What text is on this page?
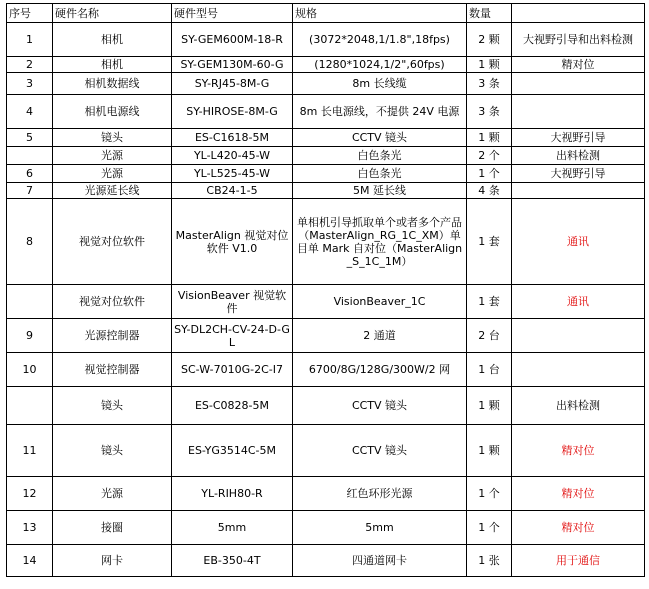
序号	硬件名称	硬件型号	规格	数量	
1	相机	SY-GEM600M-18-R	(3072*2048,1/1.8",18fps)	2 颗	大视野引导和出料检测
2	相机	SY-GEM130M-60-G	(1280*1024,1/2",60fps)	1 颗	精对位
3	相机数据线	SY-RJ45-8M-G	8m 长线缆	3 条	
4	相机电源线	SY-HIROSE-8M-G	8m 长电源线，不提供 24V 电源	3 条	
5	镜头	ES-C1618-5M	CCTV 镜头	1 颗	大视野引导
	光源	YL-L420-45-W	白色条光	2 个	出料检测
6	光源	YL-L525-45-W	白色条光	1 个	大视野引导
7	光源延长线	CB24-1-5	5M 延长线	4 条	
8	视觉对位软件	MasterAlign 视觉对位软件 V1.0	单相机引导抓取单个或者多个产品（MasterAlign_RG_1C_XM）单目单 Mark 自对位（MasterAlign_S_1C_1M）	1 套	通讯
	视觉对位软件	VisionBeaver 视觉软件	VisionBeaver_1C	1 套	通讯
9	光源控制器	SY-DL2CH-CV-24-D-GL	2 通道	2 台	
10	视觉控制器	SC-W-7010G-2C-I7	6700/8G/128G/300W/2 网	1 台	
	镜头	ES-C0828-5M	CCTV 镜头	1 颗	出料检测
11	镜头	ES-YG3514C-5M	CCTV 镜头	1 颗	精对位
12	光源	YL-RIH80-R	红色环形光源	1 个	精对位
13	接圈	5mm	5mm	1 个	精对位
14	网卡	EB-350-4T	四通道网卡	1 张	用于通信
